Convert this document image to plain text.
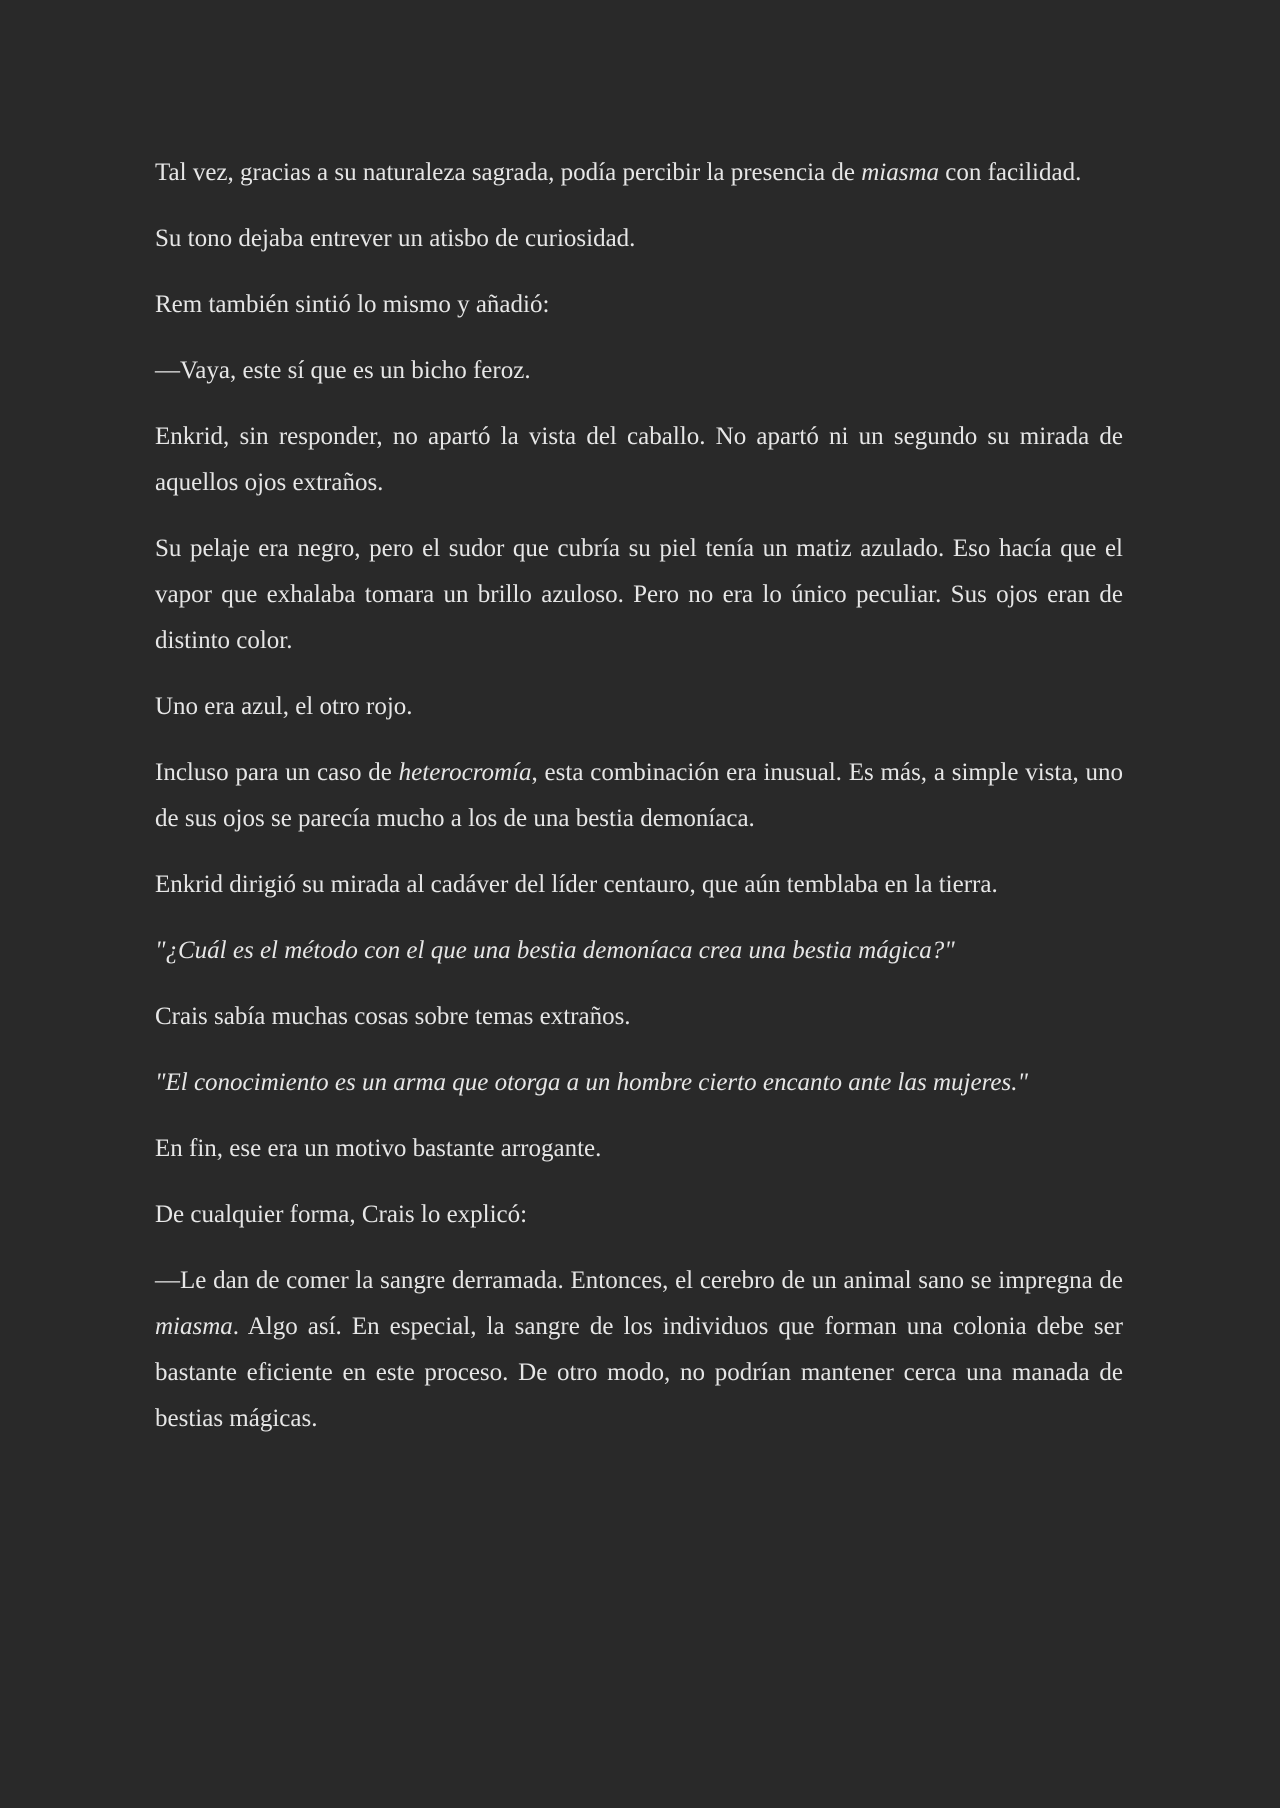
Tal vez, gracias a su naturaleza sagrada, podía percibir la presencia de miasma con facilidad.

Su tono dejaba entrever un atisbo de curiosidad.

Rem también sintió lo mismo y añadió:

—Vaya, este sí que es un bicho feroz.

Enkrid, sin responder, no apartó la vista del caballo. No apartó ni un segundo su mirada de aquellos ojos extraños.

Su pelaje era negro, pero el sudor que cubría su piel tenía un matiz azulado. Eso hacía que el vapor que exhalaba tomara un brillo azuloso. Pero no era lo único peculiar. Sus ojos eran de distinto color.

Uno era azul, el otro rojo.

Incluso para un caso de heterocromía, esta combinación era inusual. Es más, a simple vista, uno de sus ojos se parecía mucho a los de una bestia demoníaca.

Enkrid dirigió su mirada al cadáver del líder centauro, que aún temblaba en la tierra.

"¿Cuál es el método con el que una bestia demoníaca crea una bestia mágica?"

Crais sabía muchas cosas sobre temas extraños.

"El conocimiento es un arma que otorga a un hombre cierto encanto ante las mujeres."

En fin, ese era un motivo bastante arrogante.

De cualquier forma, Crais lo explicó:

—Le dan de comer la sangre derramada. Entonces, el cerebro de un animal sano se impregna de miasma. Algo así. En especial, la sangre de los individuos que forman una colonia debe ser bastante eficiente en este proceso. De otro modo, no podrían mantener cerca una manada de bestias mágicas.
